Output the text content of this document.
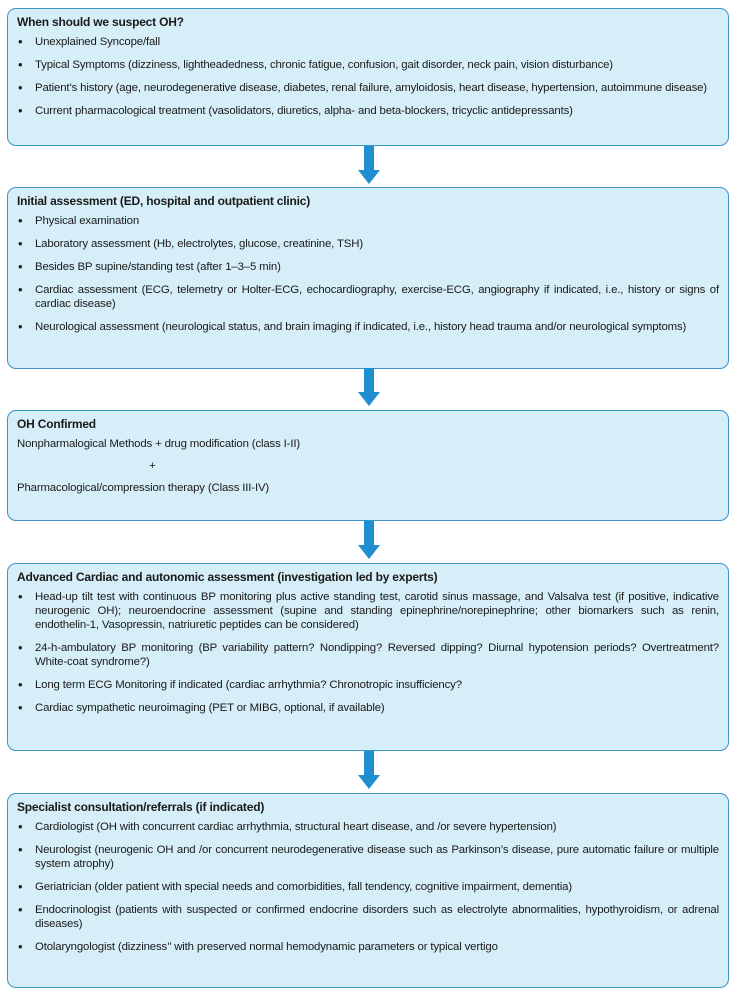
When should we suspect OH?
• Unexplained Syncope/fall
• Typical Symptoms (dizziness, lightheadedness, chronic fatigue, confusion, gait disorder, neck pain, vision disturbance)
• Patient’s history (age, neurodegenerative disease, diabetes, renal failure, amyloidosis, heart disease, hypertension, autoimmune disease)
• Current pharmacological treatment (vasolidators, diuretics, alpha- and beta-blockers, tricyclic antidepressants)
Initial assessment (ED, hospital and outpatient clinic)
• Physical examination
• Laboratory assessment (Hb, electrolytes, glucose, creatinine, TSH)
• Besides BP supine/standing test (after 1–3–5 min)
• Cardiac assessment (ECG, telemetry or Holter-ECG, echocardiography, exercise-ECG, angiography if indicated, i.e., history or signs of cardiac disease)
• Neurological assessment (neurological status, and brain imaging if indicated, i.e., history head trauma and/or neurological symptoms)
OH Confirmed

Nonpharmalogical Methods + drug modification (class I-II)

+

Pharmacological/compression therapy (Class III-IV)

Advanced Cardiac and autonomic assessment (investigation led by experts)
• Head-up tilt test with continuous BP monitoring plus active standing test, carotid sinus massage, and Valsalva test (if positive, indicative neurogenic OH); neuroendocrine assessment (supine and standing epinephrine/norepinephrine; other biomarkers such as renin, endothelin-1, Vasopressin, natriuretic peptides can be considered)
• 24-h-ambulatory BP monitoring (BP variability pattern? Nondipping? Reversed dipping? Diurnal hypotension periods? Overtreatment? White-coat syndrome?)
• Long term ECG Monitoring if indicated (cardiac arrhythmia? Chronotropic insufficiency?
• Cardiac sympathetic neuroimaging (PET or MIBG, optional, if available)
Specialist consultation/referrals (if indicated)
• Cardiologist (OH with concurrent cardiac arrhythmia, structural heart disease, and /or severe hypertension)
• Neurologist (neurogenic OH and /or concurrent neurodegenerative disease such as Parkinson’s disease, pure automatic failure or multiple system atrophy)
• Geriatrician (older patient with special needs and comorbidities, fall tendency, cognitive impairment, dementia)
• Endocrinologist (patients with suspected or confirmed endocrine disorders such as electrolyte abnormalities, hypothyroidism, or adrenal diseases)
• Otolaryngologist (dizziness’’ with preserved normal hemodynamic parameters or typical vertigo
